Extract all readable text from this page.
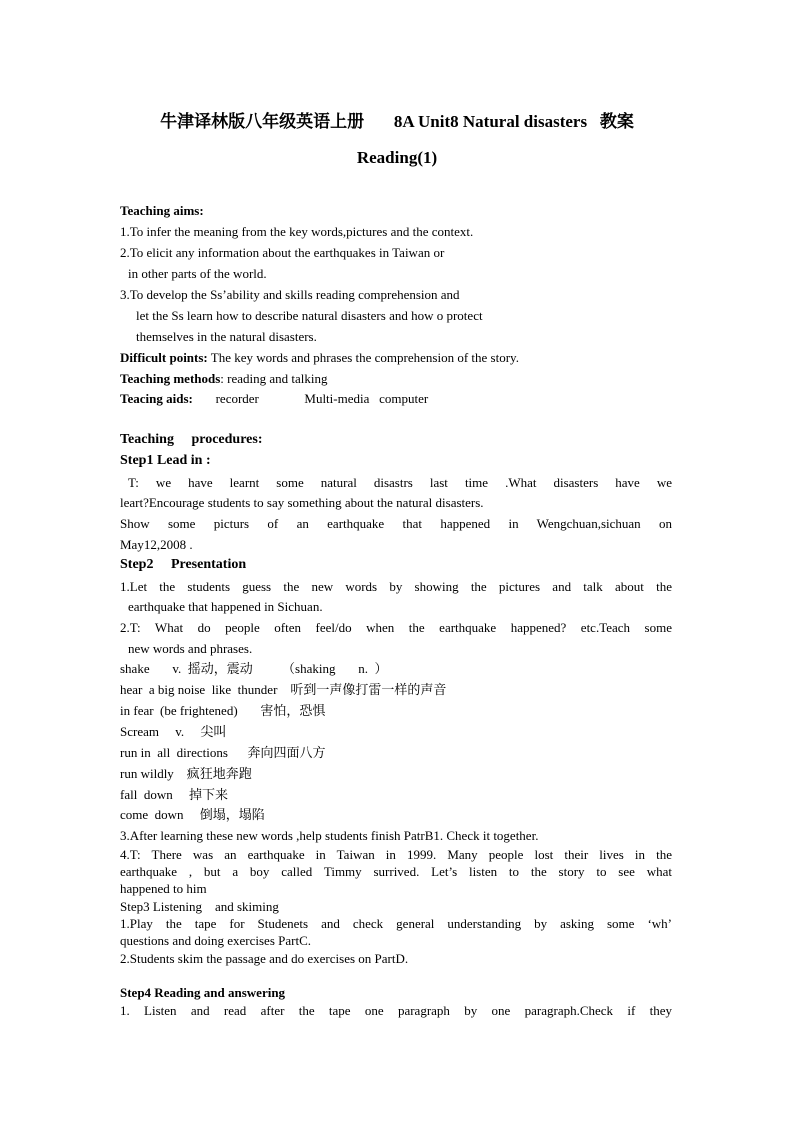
牛津译林版八年级英语上册       8A Unit8 Natural disasters   教案
Reading(1)
Teaching aims:
1.To infer the meaning from the key words,pictures and the context.
2.To elicit any information about the earthquakes in Taiwan or
in other parts of the world.
3.To develop the Ss’ability and skills reading comprehension and
let the Ss learn how to describe natural disasters and how o protect
themselves in the natural disasters.
Difficult points: The key words and phrases the comprehension of the story.
Teaching methods: reading and talking
Teacing aids:       recorder              Multi-media   computer
Teaching     procedures:
Step1 Lead in :
T: we have learnt some natural disastrs last time .What disasters have we
leart?Encourage students to say something about the natural disasters.
Show some picturs of an earthquake that happened in Wengchuan,sichuan on
May12,2008 .
Step2     Presentation
1.Let the students guess the new words by showing the pictures and talk about the
earthquake that happened in Sichuan.
2.T: What do people often feel/do when the earthquake happened? etc.Teach some
new words and phrases.
shake       v.  摇动，震动         （shaking       n.  ）
hear  a big noise  like  thunder    听到一声像打雷一样的声音
in fear  (be frightened)       害怕，恐惧
Scream     v.     尖叫
run in  all  directions      奔向四面八方
run wildly    疯狂地奔跑
fall  down     掉下来
come  down     倒塌，塌陷
3.After learning these new words ,help students finish PatrB1. Check it together.
4.T: There was an earthquake in Taiwan in 1999. Many people lost their lives in the
earthquake , but a boy called Timmy surrived. Let’s listen to the story to see what
happened to him
Step3 Listening    and skiming
1.Play the tape for Studenets and check general understanding by asking some ‘wh’
questions and doing exercises PartC.
2.Students skim the passage and do exercises on PartD.
Step4 Reading and answering
1. Listen and read after the tape one paragraph by one paragraph.Check if they
